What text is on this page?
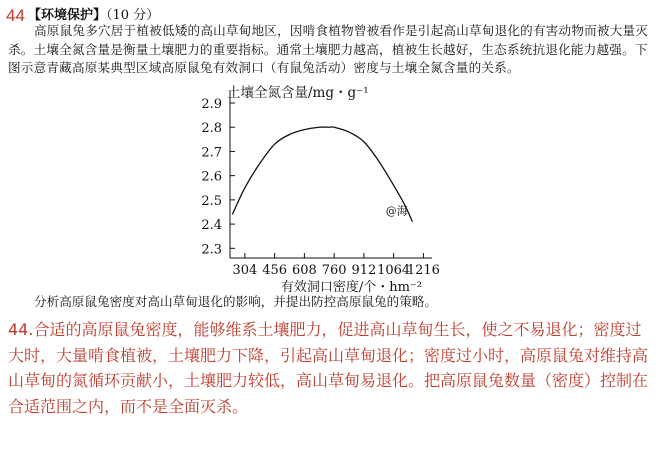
44 【环境保护】（10 分）
高原鼠兔多穴居于植被低矮的高山草甸地区，因啃食植物曾被看作是引起高山草甸退化的有害动物而被大量灭杀。土壤全氮含量是衡量土壤肥力的重要指标。通常土壤肥力越高，植被生长越好，生态系统抗退化能力越强。下图示意青藏高原某典型区域高原鼠兔有效洞口（有鼠兔活动）密度与土壤全氮含量的关系。
2.3
2.4
2.5
2.6
2.7
2.8
2.9
304 456 608 760 912 1064
1216
土壤全氮含量/mg・g⁻¹
有效洞口密度/个・hm⁻²
@海
分析高原鼠兔密度对高山草甸退化的影响，并提出防控高原鼠兔的策略。
44.合适的高原鼠兔密度，能够维系土壤肥力，促进高山草甸生长，使之不易退化；密度过大时，大量啃食植被，土壤肥力下降，引起高山草甸退化；密度过小时，高原鼠兔对维持高山草甸的氮循环贡献小，土壤肥力较低，高山草甸易退化。把高原鼠兔数量（密度）控制在合适范围之内，而不是全面灭杀。
